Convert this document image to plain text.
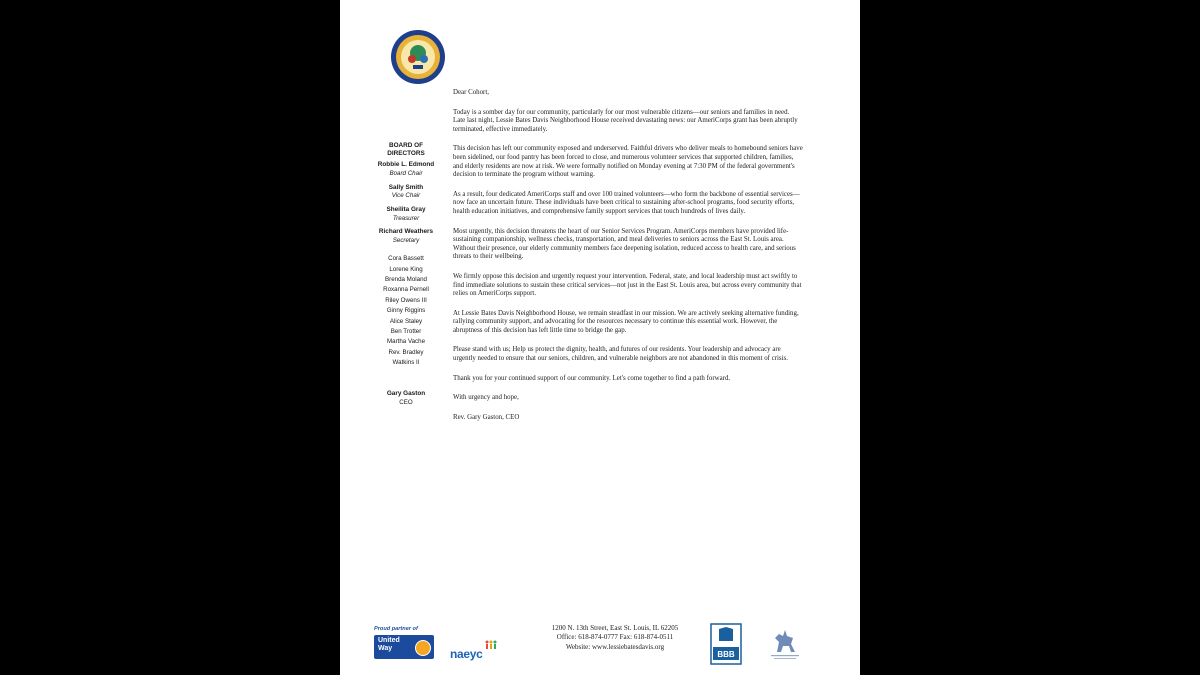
BOARD OF
DIRECTORS
Robbie L. Edmond
Board Chair
Sally Smith
Vice Chair
Sheilita Gray
Treasurer
Richard Weathers
Secretary
Cora Bassett
Lorene King
Brenda Moland
Roxanna Pernell
Riley Owens III
Ginny Riggins
Alice Staley
Ben Trotter
Martha Vache
Rev. Bradley
Watkins II
Gary Gaston
CEO

Dear Cohort,

Today is a somber day for our community, particularly for our most vulnerable citizens—our seniors and families in need. Late last night, Lessie Bates Davis Neighborhood House received devastating news: our AmeriCorps grant has been abruptly terminated, effective immediately.

This decision has left our community exposed and underserved. Faithful drivers who deliver meals to homebound seniors have been sidelined, our food pantry has been forced to close, and numerous volunteer services that supported children, families, and elderly residents are now at risk. We were formally notified on Monday evening at 7:30 PM of the federal government's decision to terminate the program without warning.

As a result, four dedicated AmeriCorps staff and over 100 trained volunteers—who form the backbone of essential services—now face an uncertain future. These individuals have been critical to sustaining after-school programs, food security efforts, health education initiatives, and comprehensive family support services that touch hundreds of lives daily.

Most urgently, this decision threatens the heart of our Senior Services Program. AmeriCorps members have provided life-sustaining companionship, wellness checks, transportation, and meal deliveries to seniors across the East St. Louis area. Without their presence, our elderly community members face deepening isolation, reduced access to health care, and serious threats to their wellbeing.

We firmly oppose this decision and urgently request your intervention. Federal, state, and local leadership must act swiftly to find immediate solutions to sustain these critical services—not just in the East St. Louis area, but across every community that relies on AmeriCorps support.

At Lessie Bates Davis Neighborhood House, we remain steadfast in our mission. We are actively seeking alternative funding, rallying community support, and advocating for the resources necessary to continue this essential work. However, the abruptness of this decision has left little time to bridge the gap.

Please stand with us; Help us protect the dignity, health, and futures of our residents. Your leadership and advocacy are urgently needed to ensure that our seniors, children, and vulnerable neighbors are not abandoned in this moment of crisis.

Thank you for your continued support of our community. Let's come together to find a path forward.

With urgency and hope,

Rev. Gary Gaston, CEO

Proud partner of
United
Way	naeyc
1200 N. 13th Street, East St. Louis, IL 62205
Office: 618-874-0777 Fax: 618-874-0511
Website: www.lessiebatesdavis.org
BBB
